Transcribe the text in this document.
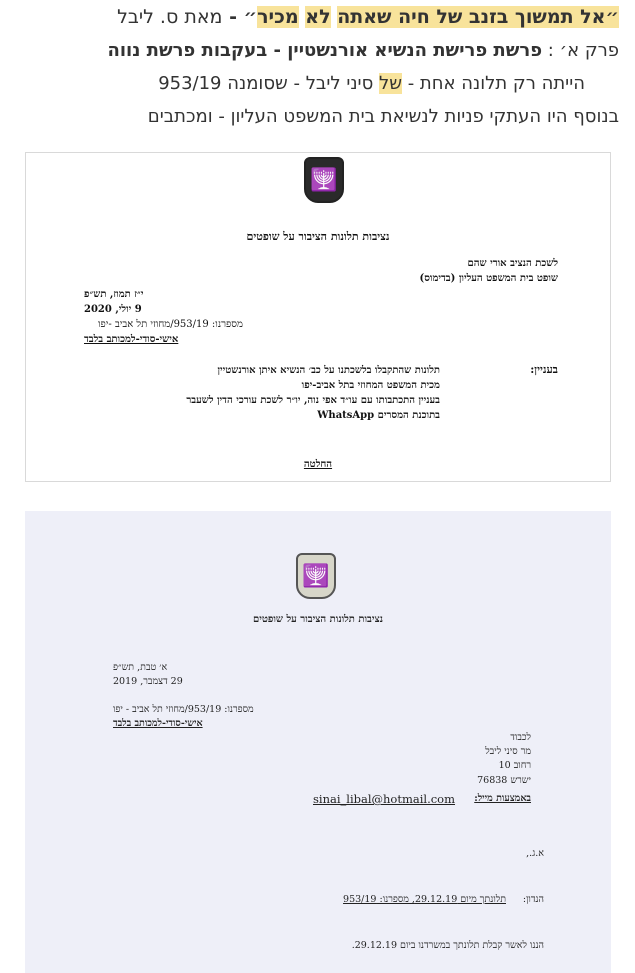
״אל תמשוך בזנב של חיה שאתה לא מכיר״ - מאת ס. ליבל
פרק א׳ : פרשת פרישת הנשיא אורנשטיין - בעקבות פרשת נווה
הייתה רק תלונה אחת - של סיני ליבל - שסומנה 953/19
בנוסף היו העתקי פניות לנשיאת בית המשפט העליון - ומכתבים
🕎
נציבות תלונות הציבור על שופטים
לשכת הנציב אורי שהם
שופט בית המשפט העליון (בדימוס)
י״ז תמוז, תש״פ
9 יולי, 2020
מספרנו: 953/19/מחוזי תל אביב -יפו
אישי-סודי-למכותב בלבד
בעניין:
תלונות שהתקבלו בלשכתנו על כב׳ הנשיא איתן אורנשטיין
מכית המשפט המחוזי בתל אביב-יפו
בעניין התכתבותו עם עו״ד אפי נוה, יו״ר לשכת עורכי הדין לשעבר
בתוכנת המסרים WhatsApp
החלטה
🕎
נציבות תלונות הציבור על שופטים
א׳ טבת, תש״פ
29 דצמבר, 2019
מספרנו: 953/19/מחוזי תל אביב - יפו
אישי-סודי-למכותב בלבד
לכבוד
מר סיני ליבל
רחוב 10
ישרש 76838
באמצעות מייל:
sinai_libal@hotmail.com
א.ג.,
הנדון:
תלונתך מיום 29.12.19, מספרנו: 953/19
הננו לאשר קבלת תלונתך במשרדנו ביום 29.12.19.
